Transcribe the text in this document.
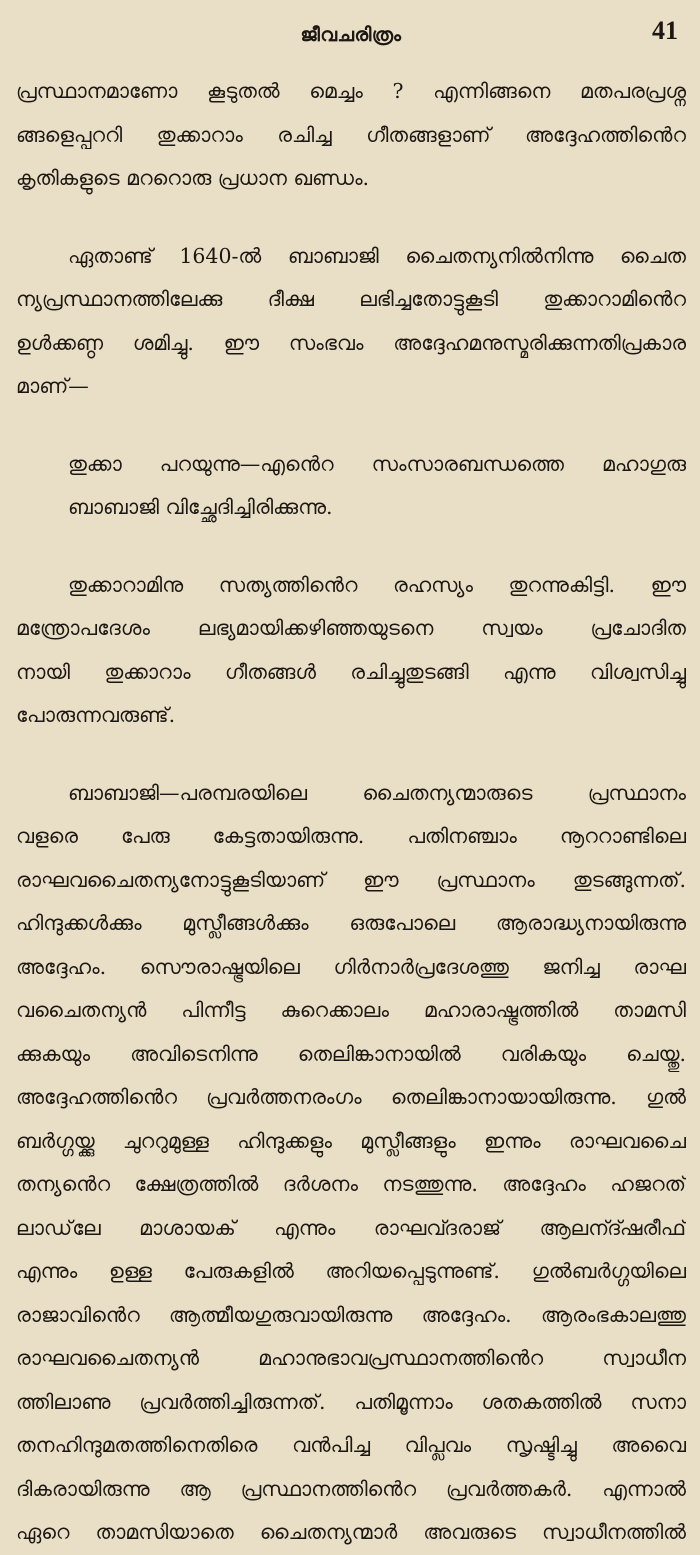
ജീവചരിത്രം	41

പ്രസ്ഥാനമാണോ കൂടുതൽ മെച്ചം ? എന്നിങ്ങനെ മതപരപ്രശ്ന
ങ്ങളെപ്പററി തുക്കാറാം രചിച്ച ഗീതങ്ങളാണ് അദ്ദേഹത്തിൻെറ
കൃതികളുടെ മററൊരു പ്രധാന ഖണ്ഡം.

ഏതാണ്ട് 1640-ൽ ബാബാജി ചൈതന്യനിൽനിന്നു ചൈത
ന്യപ്രസ്ഥാനത്തിലേക്കു ദീക്ഷ ലഭിച്ചതോട്ടുകൂടി തുക്കാറാമിൻെറ
ഉൾക്കണ്ഠ ശമിച്ചു. ഈ സംഭവം അദ്ദേഹമനുസ്മരിക്കുന്നതിപ്രകാര
മാണ്—

തുക്കാ പറയുന്നു—എൻെറ സംസാരബന്ധത്തെ മഹാഗുരു
ബാബാജി വിച്ഛേദിച്ചിരിക്കുന്നു.

തുക്കാറാമിനു സത്യത്തിൻെറ രഹസ്യം തുറന്നുകിട്ടി. ഈ
മന്ത്രോപദേശം ലഭ്യമായിക്കഴിഞ്ഞയുടനെ സ്വയം പ്രചോദിത
നായി തുക്കാറാം ഗീതങ്ങൾ രചിച്ചുതുടങ്ങി എന്നു വിശ്വസിച്ചു
പോരുന്നവരുണ്ട്.

ബാബാജി—പരമ്പരയിലെ ചൈതന്യന്മാരുടെ പ്രസ്ഥാനം
വളരെ പേരു കേട്ടതായിരുന്നു. പതിനഞ്ചാം നൂററാണ്ടിലെ
രാഘവചൈതന്യനോട്ടുകൂടിയാണ് ഈ പ്രസ്ഥാനം തുടങ്ങുന്നത്.
ഹിന്ദുക്കൾക്കും മുസ്ലീങ്ങൾക്കും ഒരുപോലെ ആരാദ്ധ്യനായിരുന്നു
അദ്ദേഹം. സൌരാഷ്ട്രയിലെ ഗിർനാർപ്രദേശത്തു ജനിച്ച രാഘ
വചൈതന്യൻ പിന്നീട്ട കുറെക്കാലം മഹാരാഷ്ട്രത്തിൽ താമസി
ക്കുകയും അവിടെനിന്നു തെലിങ്കാനായിൽ വരികയും ചെയ്തു.
അദ്ദേഹത്തിൻെറ പ്രവർത്തനരംഗം തെലിങ്കാനായായിരുന്നു. ഗുൽ
ബർഗ്ഗയ്ക്കു ചുററുമുള്ള ഹിന്ദുക്കളും മുസ്ലീങ്ങളും ഇന്നും രാഘവചൈ
തന്യൻെറ ക്ഷേത്രത്തിൽ ദർശനം നടത്തുന്നു. അദ്ദേഹം ഹജറത്
ലാഡ്‌ലേ മാശായക് എന്നും രാഘവ്ദരാജ് ആലന്ദ്ഷരീഫ്
എന്നും ഉള്ള പേരുകളിൽ അറിയപ്പെടുന്നുണ്ട്. ഗുൽബർഗ്ഗയിലെ
രാജാവിൻെറ ആത്മീയഗുരുവായിരുന്നു അദ്ദേഹം. ആരംഭകാലത്തു
രാഘവചൈതന്യൻ മഹാനുഭാവപ്രസ്ഥാനത്തിൻെറ സ്വാധീന
ത്തിലാണു പ്രവർത്തിച്ചിരുന്നത്. പതിമൂന്നാം ശതകത്തിൽ സനാ
തനഹിന്ദുമതത്തിനെതിരെ വൻപിച്ച വിപ്ലവം സൃഷ്ടിച്ചു അവൈ
ദികരായിരുന്നു ആ പ്രസ്ഥാനത്തിൻെറ പ്രവർത്തകർ. എന്നാൽ
ഏറെ താമസിയാതെ ചൈതന്യന്മാർ അവരുടെ സ്വാധീനത്തിൽ
